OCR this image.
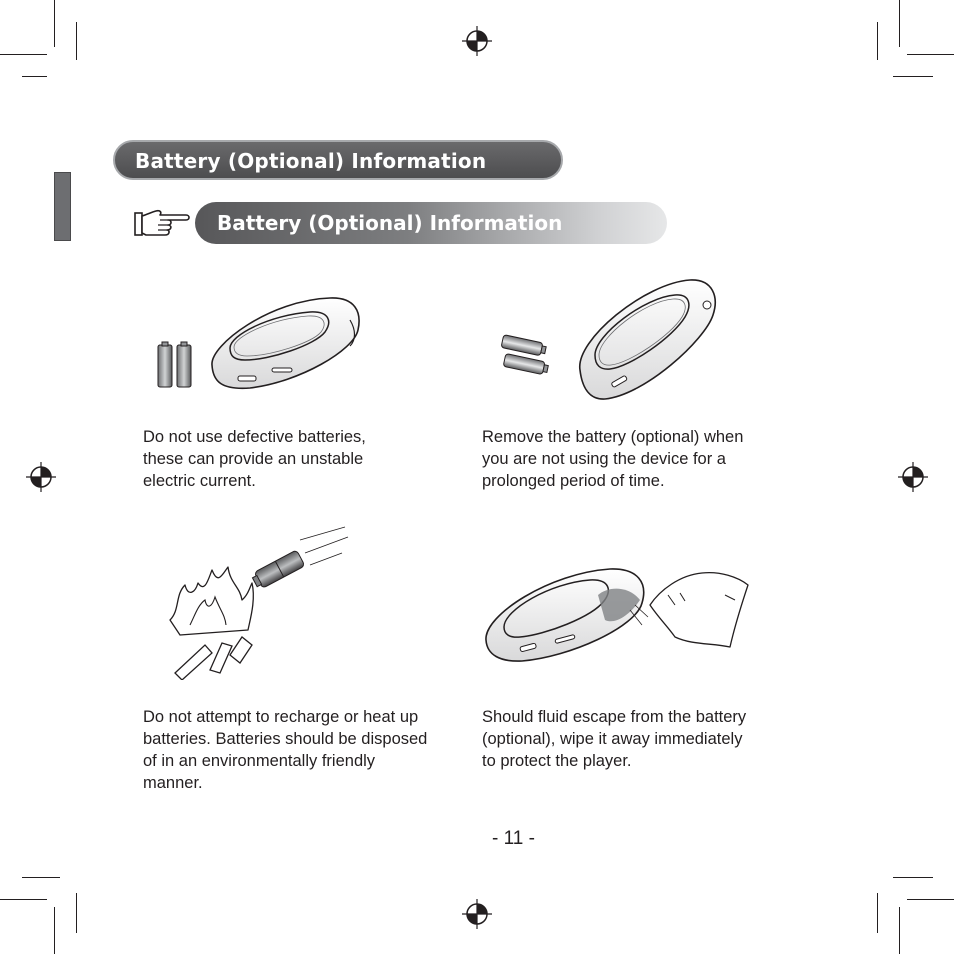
Battery (Optional) Information
Battery (Optional) Information
Do not use defective batteries, these can provide an unstable electric current.
Remove the battery (optional) when you are not using the device for a prolonged period of time.
Do not attempt to recharge or heat up batteries. Batteries should be disposed of in an environmentally friendly manner.
Should fluid escape from the battery (optional), wipe it away immediately to protect the player.
- 11 -
